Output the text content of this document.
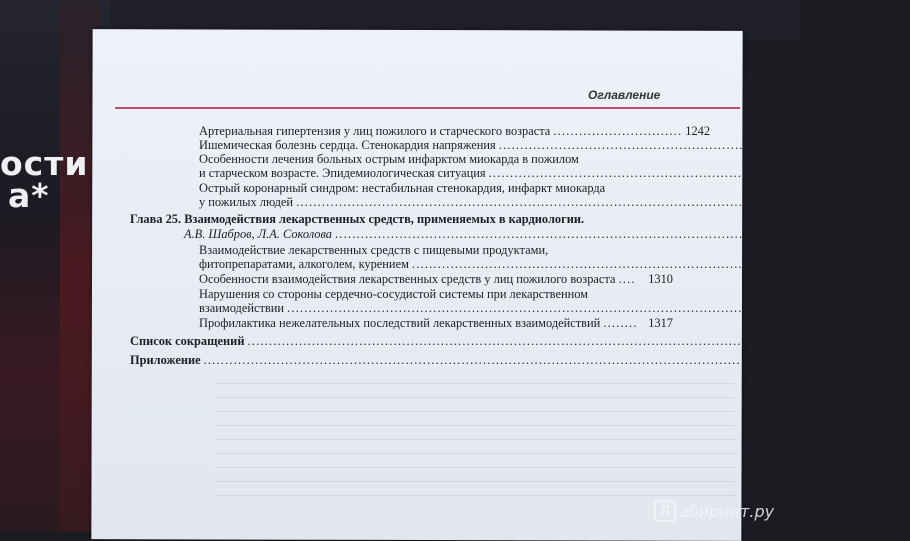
ости
а*
Оглавление
Артериальная гипертензия у лиц пожилого и старческого возраста .............................. 1242
Ишемическая болезнь сердца. Стенокардия напряжения ................................................................. 1268
Особенности лечения больных острым инфарктом миокарда в пожилом
и старческом возрасте. Эпидемиологическая ситуация ................................................................. 1288
Острый коронарный синдром: нестабильная стенокардия, инфаркт миокарда
у пожилых людей .............................................................................................................. 1299
Глава 25. Взаимодействия лекарственных средств, применяемых в кардиологии.
А.В. Шабров, Л.А. Соколова ..................................................................................................... 1306
Взаимодействие лекарственных средств с пищевыми продуктами,
фитопрепаратами, алкоголем, курением ..................................................................................................... 1307
Особенности взаимодействия лекарственных средств у лиц пожилого возраста ....	1310
Нарушения со стороны сердечно-сосудистой системы при лекарственном
взаимодействии ......................................................................................................................... 1311
Профилактика нежелательных последствий лекарственных взаимодействий ........ 1317
Список сокращений .......................................................................................................................................... 1321
Приложение .............................................................................................................................................................. 1325
Л абиринт.ру
